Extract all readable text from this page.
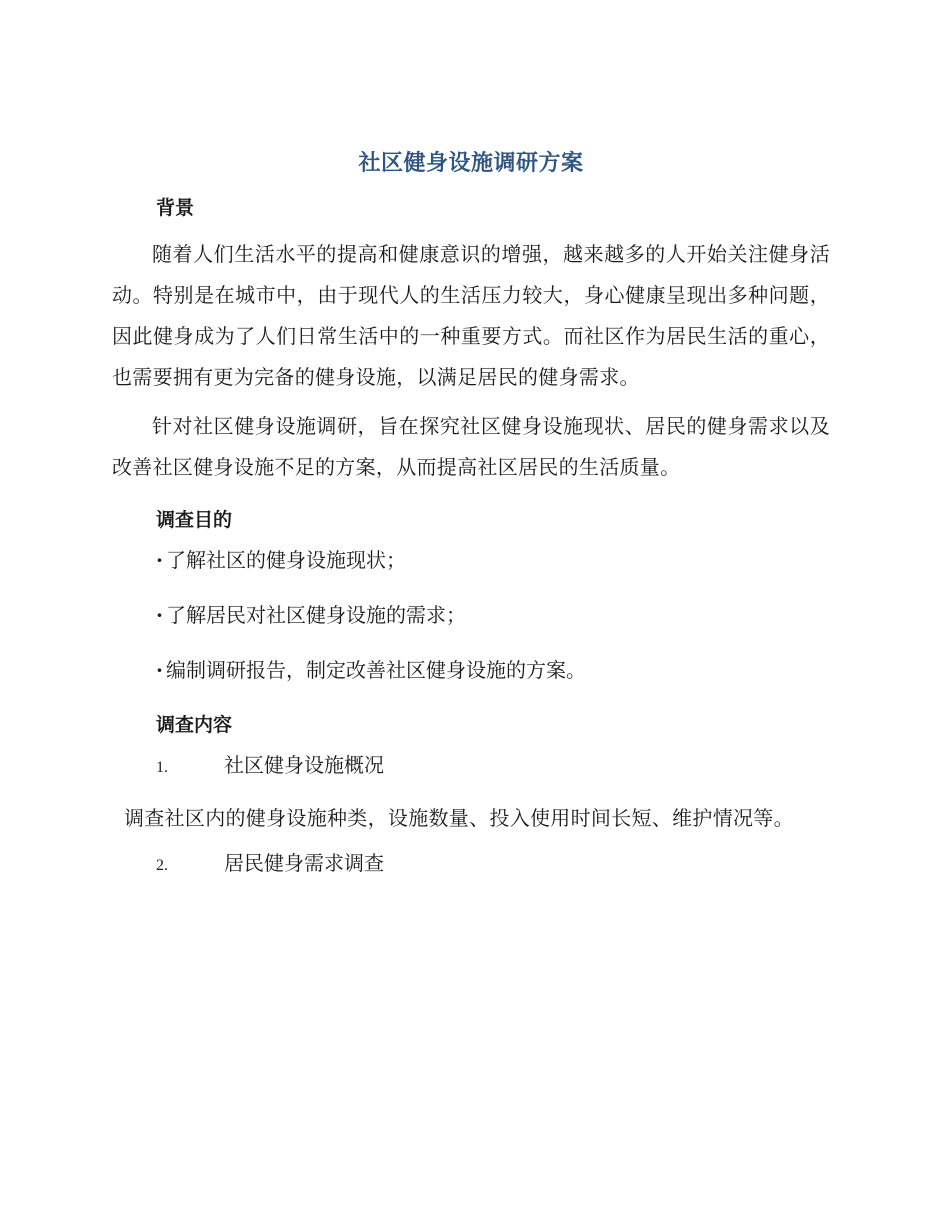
社区健身设施调研方案
背景

随着人们生活水平的提高和健康意识的增强，越来越多的人开始关注健身活动。特别是在城市中，由于现代人的生活压力较大，身心健康呈现出多种问题，因此健身成为了人们日常生活中的一种重要方式。而社区作为居民生活的重心，也需要拥有更为完备的健身设施，以满足居民的健身需求。

针对社区健身设施调研，旨在探究社区健身设施现状、居民的健身需求以及改善社区健身设施不足的方案，从而提高社区居民的生活质量。

调查目的
· 了解社区的健身设施现状；
· 了解居民对社区健身设施的需求；
· 编制调研报告，制定改善社区健身设施的方案。
调查内容
1.	社区健身设施概况

调查社区内的健身设施种类，设施数量、投入使用时间长短、维护情况等。

2.	居民健身需求调查
